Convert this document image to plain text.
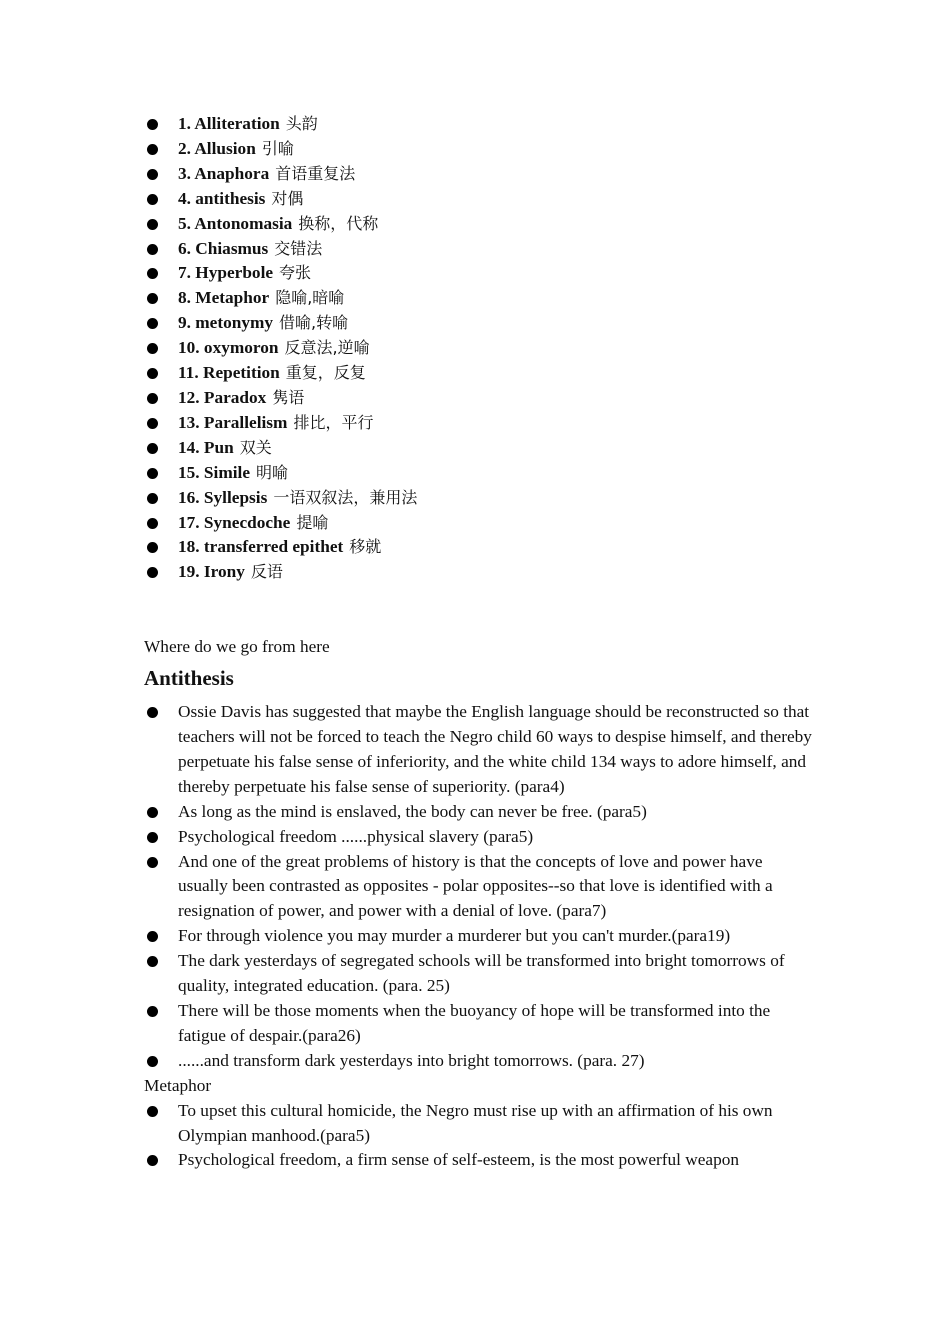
1. Alliteration 头韵
2. Allusion 引喻
3. Anaphora 首语重复法
4. antithesis 对偶
5. Antonomasia 换称，代称
6. Chiasmus 交错法
7. Hyperbole 夸张
8. Metaphor 隐喻,暗喻
9. metonymy 借喻,转喻
10. oxymoron 反意法,逆喻
11. Repetition 重复，反复
12. Paradox 隽语
13. Parallelism 排比，平行
14. Pun 双关
15. Simile 明喻
16. Syllepsis 一语双叙法，兼用法
17. Synecdoche 提喻
18. transferred epithet 移就
19. Irony 反语

Where do we go from here

Antithesis
Ossie Davis has suggested that maybe the English language should be reconstructed so that teachers will not be forced to teach the Negro child 60 ways to despise himself, and thereby perpetuate his false sense of inferiority, and the white child 134 ways to adore himself, and thereby perpetuate his false sense of superiority. (para4)
As long as the mind is enslaved, the body can never be free. (para5)
Psychological freedom ......physical slavery (para5)
And one of the great problems of history is that the concepts of love and power have usually been contrasted as opposites - polar opposites--so that love is identified with a resignation of power, and power with a denial of love. (para7)
For through violence you may murder a murderer but you can't murder.(para19)
The dark yesterdays of segregated schools will be transformed into bright tomorrows of quality, integrated education. (para. 25)
There will be those moments when the buoyancy of hope will be transformed into the fatigue of despair.(para26)
......and transform dark yesterdays into bright tomorrows. (para. 27)

Metaphor

To upset this cultural homicide, the Negro must rise up with an affirmation of his own Olympian manhood.(para5)
Psychological freedom, a firm sense of self-esteem, is the most powerful weapon
